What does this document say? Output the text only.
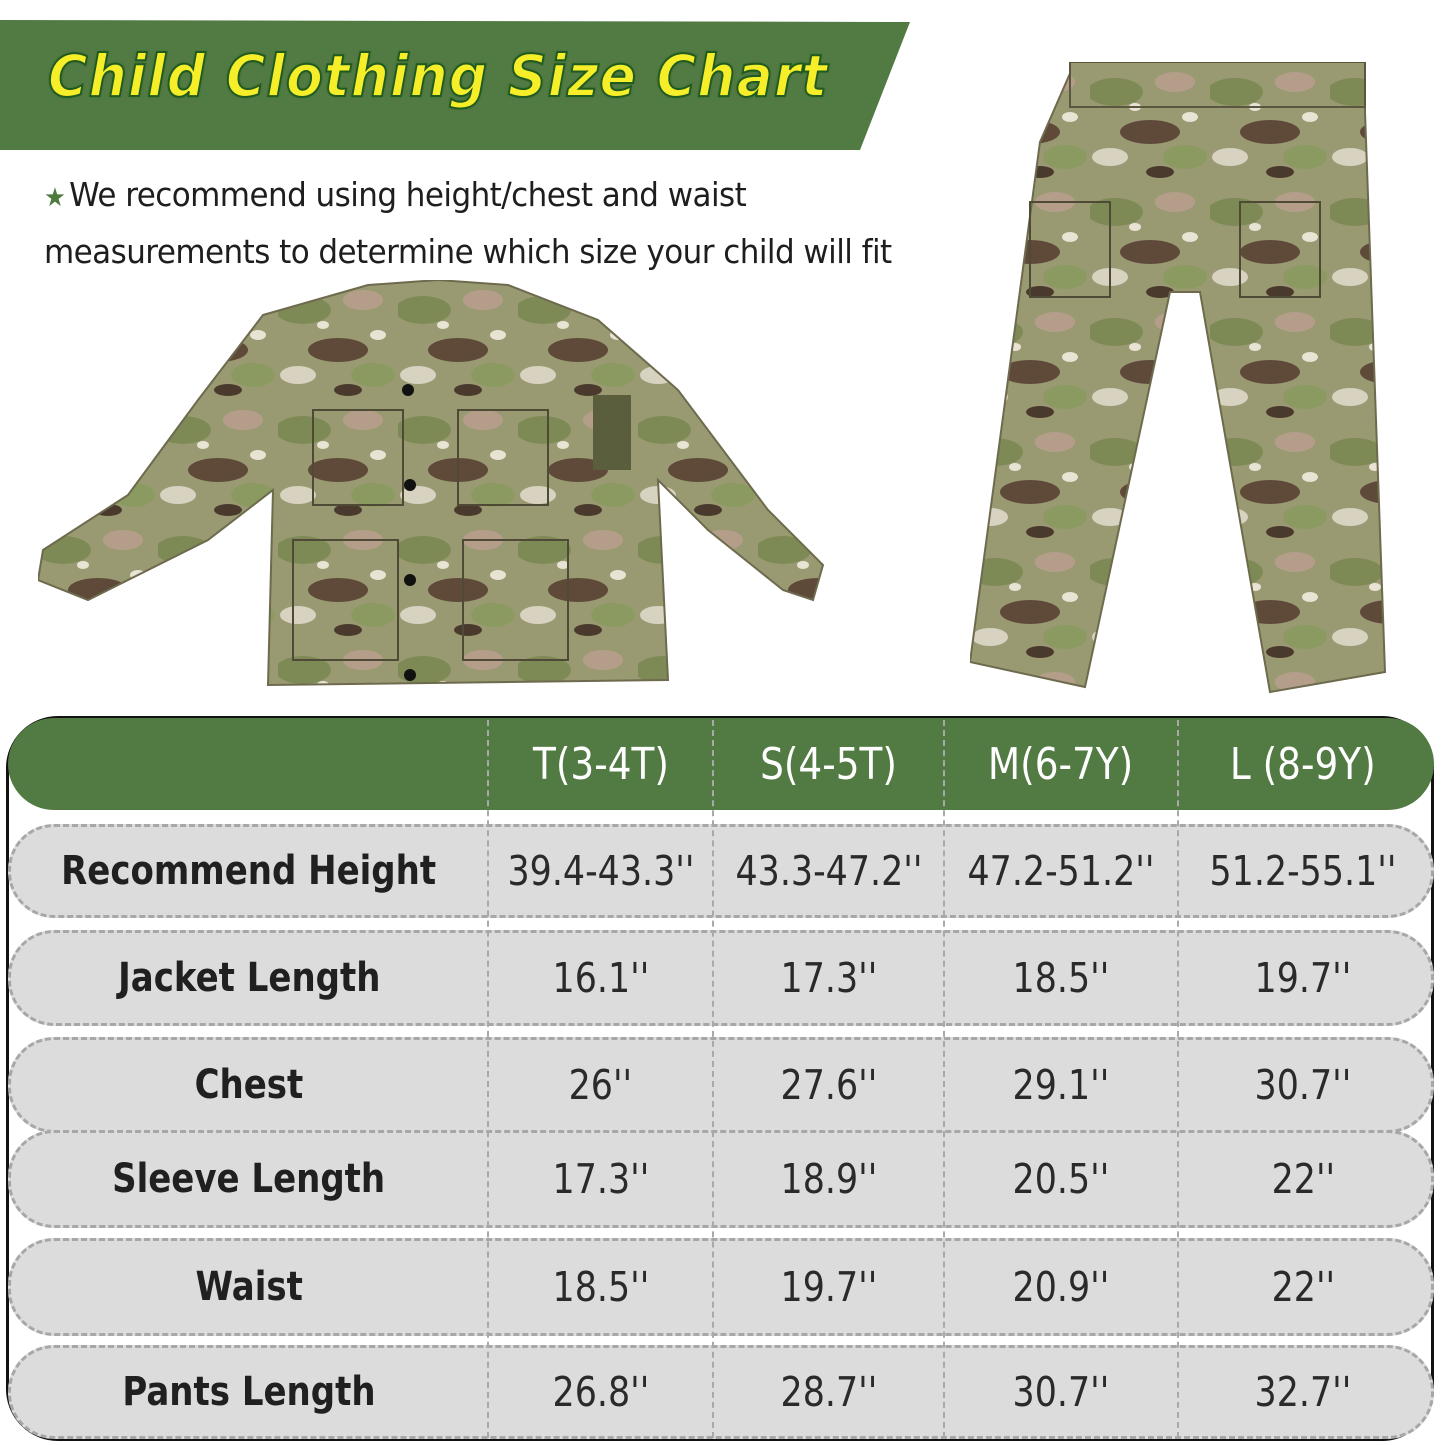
Child Clothing Size Chart
★ We recommend using height/chest and waist
measurements to determine which size your child will fit
T(3-4T) S(4-5T) M(6-7Y) L (8-9Y)
Recommend Height 39.4-43.3'' 43.3-47.2'' 47.2-51.2'' 51.2-55.1''
Jacket Length	16.1''	17.3''	18.5''	19.7''
Chest	26''	27.6''	29.1''	30.7''
Sleeve Length	17.3''	18.9''	20.5''	22''
Waist	18.5''	19.7''	20.9''	22''
Pants Length	26.8''	28.7''	30.7''	32.7''
